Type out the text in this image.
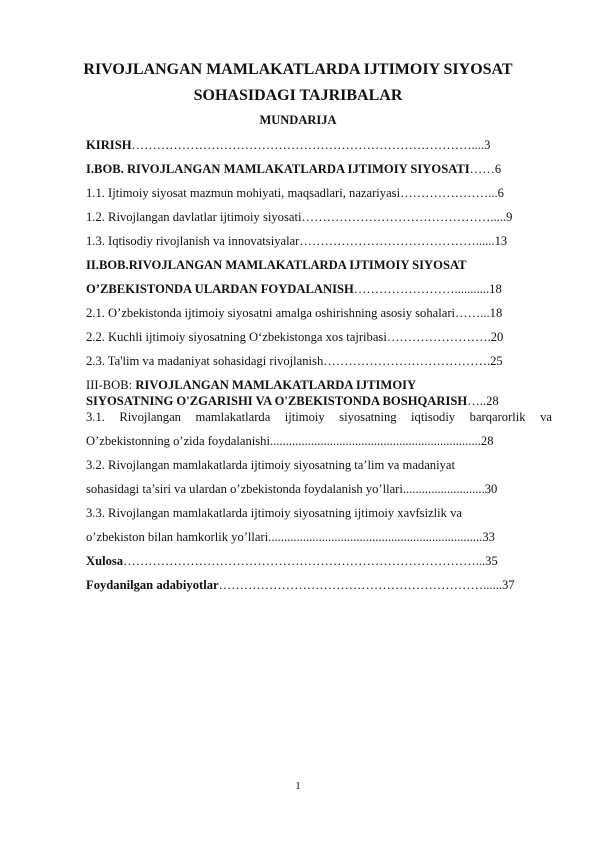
RIVOJLANGAN MAMLAKATLARDA IJTIMOIY SIYOSAT
SOHASIDAGI TAJRIBALAR
MUNDARIJA
KIRISH………………………………………………………………………....3
I.BOB. RIVOJLANGAN MAMLAKATLARDA IJTIMOIY SIYOSATI……6
1.1. Ijtimoiy siyosat mazmun mohiyati, maqsadlari, nazariyasi…………………...6
1.2. Rivojlangan davlatlar ijtimoiy siyosati……………………………………….....9
1.3. Iqtisodiy rivojlanish va innovatsiyalar……………………………………......13
II.BOB.RIVOJLANGAN MAMLAKATLARDA IJTIMOIY SIYOSAT
O’ZBEKISTONDA ULARDAN FOYDALANISH……………………...........18
2.1. O’zbekistonda ijtimoiy siyosatni amalga oshirishning asosiy sohalari……...18
2.2. Kuchli ijtimoiy siyosatning O‘zbekistonga xos tajribasi…………………….20
2.3. Ta'lim va madaniyat sohasidagi rivojlanish………………………………….25
III-BOB: RIVOJLANGAN MAMLAKATLARDA IJTIMOIY
SIYOSATNING O'ZGARISHI VA O'ZBEKISTONDA BOSHQARISH…..28
3.1. Rivojlangan mamlakatlarda ijtimoiy siyosatning iqtisodiy barqarorlik va
O’zbekistonning o’zida foydalanishi...................................................................28
3.2. Rivojlangan mamlakatlarda ijtimoiy siyosatning ta’lim va madaniyat
sohasidagi ta’siri va ulardan o’zbekistonda foydalanish yo’llari..........................30
3.3. Rivojlangan mamlakatlarda ijtimoiy siyosatning ijtimoiy xavfsizlik va
o’zbekiston bilan hamkorlik yo’llari....................................................................33
Xulosa…………………………………………………………………………...35
Foydanilgan adabiyotlar………………………………………………………......37
1
